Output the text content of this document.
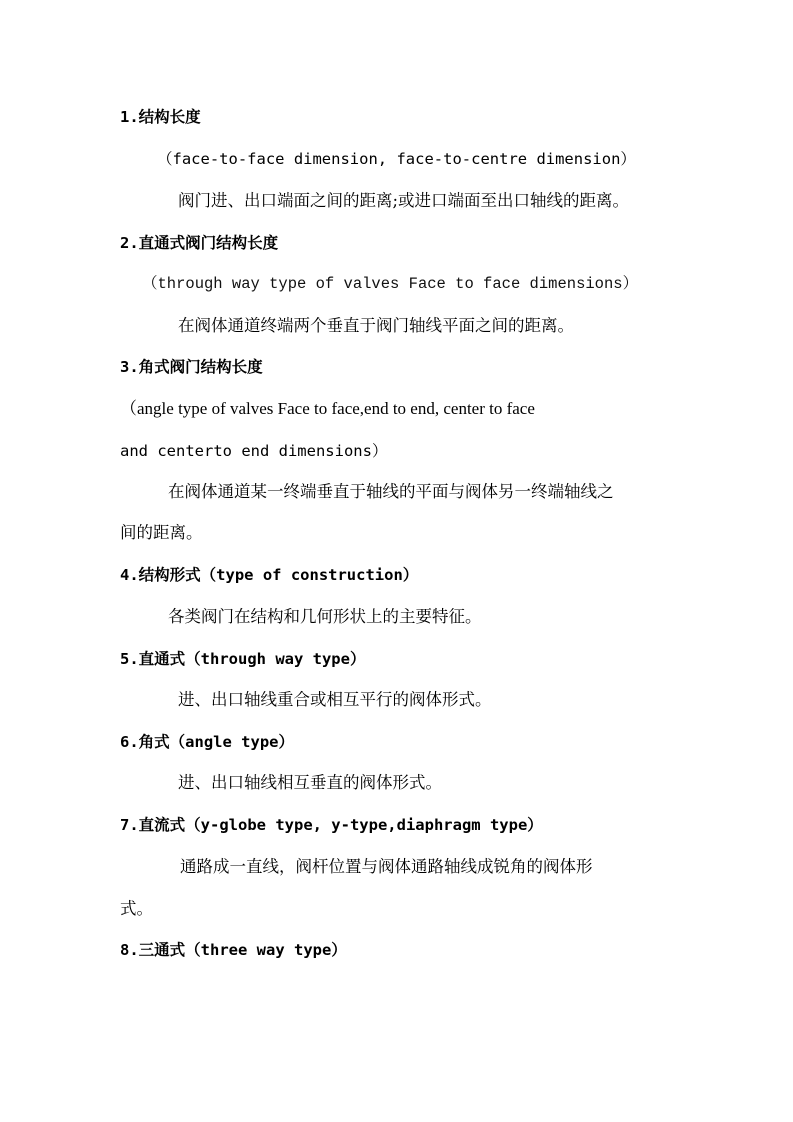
1.结构长度
（face-to-face dimension, face-to-centre dimension）
阀门进、出口端面之间的距离;或进口端面至出口轴线的距离。
2.直通式阀门结构长度
（through way type of valves Face to face dimensions）
在阀体通道终端两个垂直于阀门轴线平面之间的距离。
3.角式阀门结构长度
（angle type of valves Face to face,end to end, center to face
and centerto end dimensions）
在阀体通道某一终端垂直于轴线的平面与阀体另一终端轴线之
间的距离。
4.结构形式（type of construction）
各类阀门在结构和几何形状上的主要特征。
5.直通式（through way type）
进、出口轴线重合或相互平行的阀体形式。
6.角式（angle type）
进、出口轴线相互垂直的阀体形式。
7.直流式（y-globe type, y-type,diaphragm type）
通路成一直线，阀杆位置与阀体通路轴线成锐角的阀体形
式。
8.三通式（three way type）
